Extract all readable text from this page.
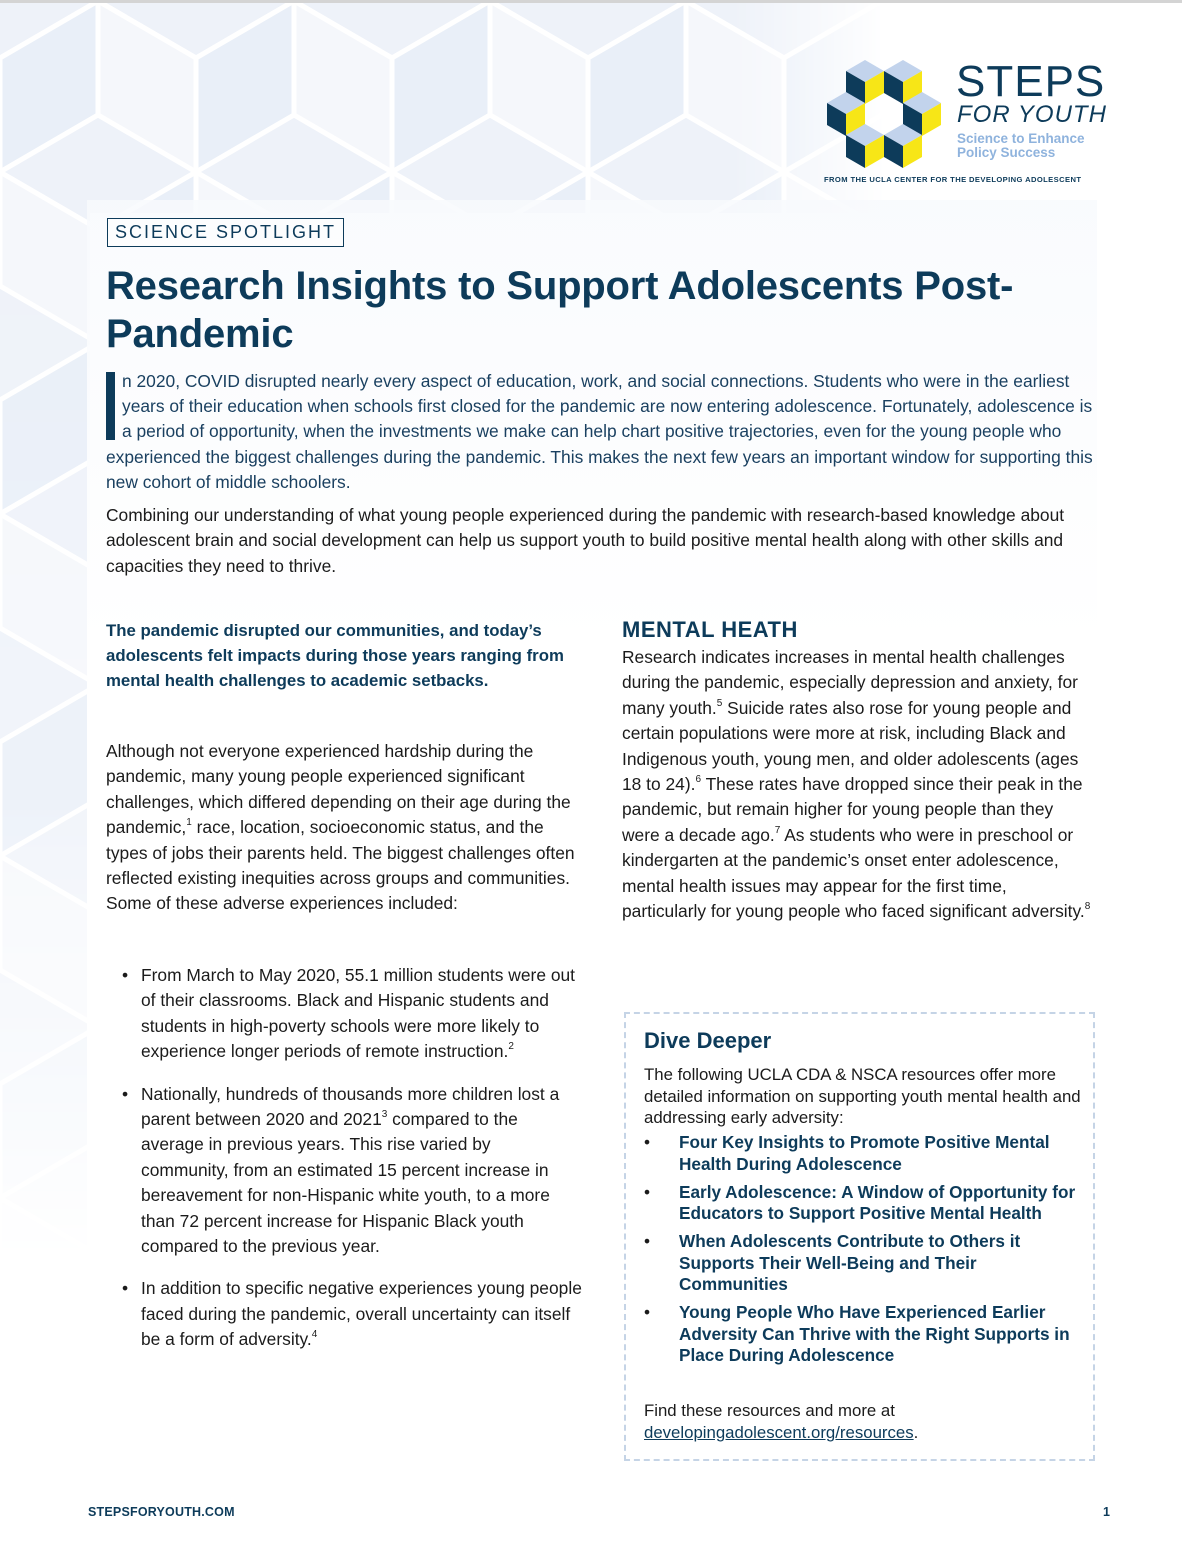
STEPS
FOR YOUTH
Science to Enhance
Policy Success
FROM THE UCLA CENTER FOR THE DEVELOPING ADOLESCENT
SCIENCE SPOTLIGHT
Research Insights to Support Adolescents Post-Pandemic
n 2020, COVID disrupted nearly every aspect of education, work, and social connections. Students who were in the earliest years of their education when schools first closed for the pandemic are now entering adolescence. Fortunately, adolescence is a period of opportunity, when the investments we make can help chart positive trajectories, even for the young people who experienced the biggest challenges during the pandemic. This makes the next few years an important window for supporting this new cohort of middle schoolers.

Combining our understanding of what young people experienced during the pandemic with research-based knowledge about adolescent brain and social development can help us support youth to build positive mental health along with other skills and capacities they need to thrive.

The pandemic disrupted our communities, and today’s adolescents felt impacts during those years ranging from mental health challenges to academic setbacks.

Although not everyone experienced hardship during the pandemic, many young people experienced significant challenges, which differed depending on their age during the pandemic,$^1$ race, location, socioeconomic status, and the types of jobs their parents held. The biggest challenges often reflected existing inequities across groups and communities. Some of these adverse experiences included:

• From March to May 2020, 55.1 million students were out of their classrooms. Black and Hispanic students and students in high-poverty schools were more likely to experience longer periods of remote instruction.$^2$
• Nationally, hundreds of thousands more children lost a parent between 2020 and 2021$^3$ compared to the average in previous years. This rise varied by community, from an estimated 15 percent increase in bereavement for non-Hispanic white youth, to a more than 72 percent increase for Hispanic Black youth compared to the previous year.
• In addition to specific negative experiences young people faced during the pandemic, overall uncertainty can itself be a form of adversity.$^4$
MENTAL HEATH

Research indicates increases in mental health challenges during the pandemic, especially depression and anxiety, for many youth.$^5$ Suicide rates also rose for young people and certain populations were more at risk, including Black and Indigenous youth, young men, and older adolescents (ages 18 to 24).$^6$ These rates have dropped since their peak in the pandemic, but remain higher for young people than they were a decade ago.$^7$ As students who were in preschool or kindergarten at the pandemic’s onset enter adolescence, mental health issues may appear for the first time, particularly for young people who faced significant adversity.$^8$

Dive Deeper

The following UCLA CDA & NSCA resources offer more detailed information on supporting youth mental health and addressing early adversity:

• Four Key Insights to Promote Positive Mental Health During Adolescence
• Early Adolescence: A Window of Opportunity for Educators to Support Positive Mental Health
• When Adolescents Contribute to Others it Supports Their Well-Being and Their Communities
• Young People Who Have Experienced Earlier Adversity Can Thrive with the Right Supports in Place During Adolescence

Find these resources and more at
developingadolescent.org/resources.

STEPSFORYOUTH.COM	1
